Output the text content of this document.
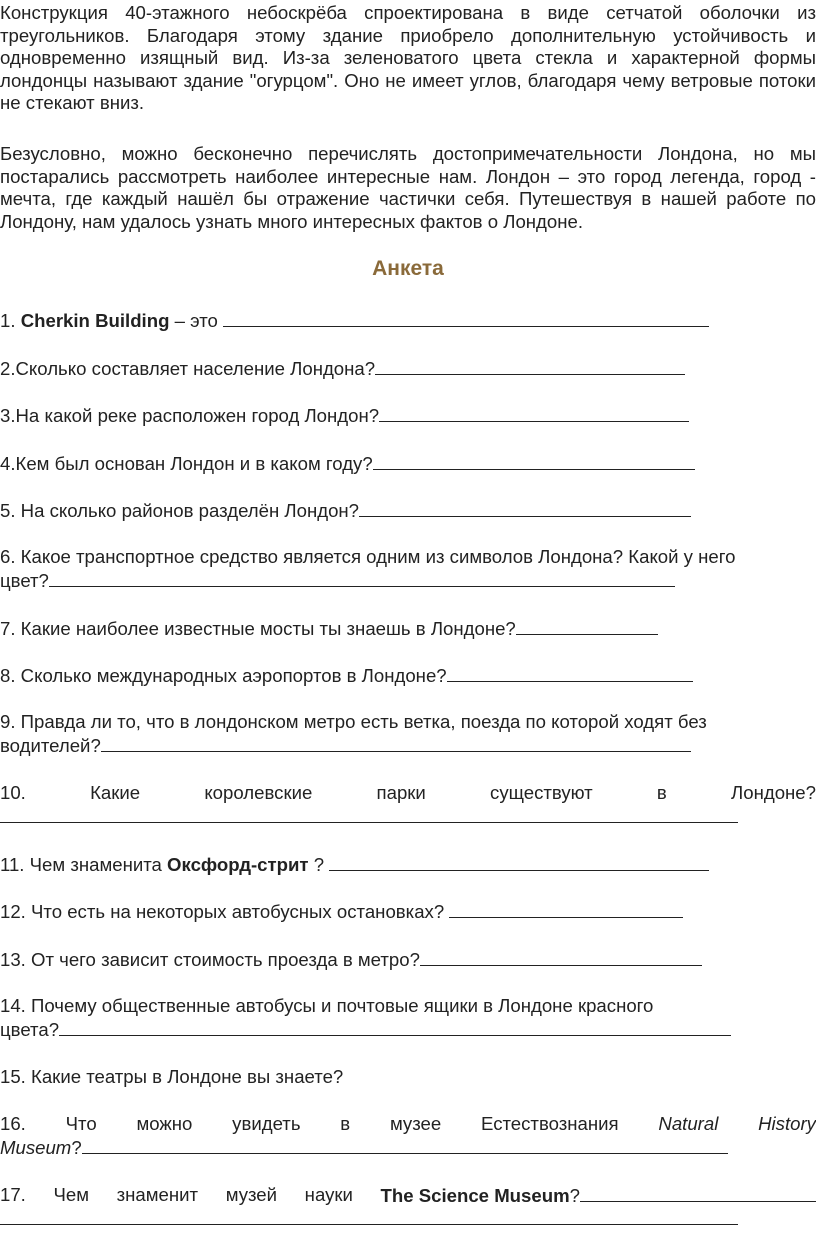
Конструкция 40-этажного небоскрёба спроектирована в виде сетчатой оболочки из треугольников. Благодаря этому здание приобрело дополнительную устойчивость и одновременно изящный вид. Из-за зеленоватого цвета стекла и характерной формы лондонцы называют здание "огурцом". Оно не имеет углов, благодаря чему ветровые потоки не стекают вниз.

Безусловно, можно бесконечно перечислять достопримечательности Лондона, но мы постарались рассмотреть наиболее интересные нам. Лондон – это город легенда, город - мечта, где каждый нашёл бы отражение частички себя. Путешествуя в нашей работе по Лондону, нам удалось узнать много интересных фактов о Лондоне.

Анкета

1. Cherkin Building – это

2.Сколько составляет население Лондона?

3.На какой реке расположен город Лондон?

4.Кем был основан Лондон и в каком году?

5. На сколько районов разделён Лондон?

6. Какое транспортное средство является одним из символов Лондона? Какой у него

цвет?

7. Какие наиболее известные мосты ты знаешь в Лондоне?

8. Сколько международных аэропортов в Лондоне?

9. Правда ли то, что в лондонском метро есть ветка, поезда по которой ходят без

водителей?

10.	Какие	королевские	парки	существуют	в	Лондоне?

11. Чем знаменита Оксфорд-стрит ?

12. Что есть на некоторых автобусных остановках?

13. От чего зависит стоимость проезда в метро?

14. Почему общественные автобусы и почтовые ящики в Лондоне красного

цвета?

15. Какие театры в Лондоне вы знаете?

16. Что можно увидеть в музее Естествознания Natural History

Museum?

17. Чем знаменит музей науки The Science Museum?
